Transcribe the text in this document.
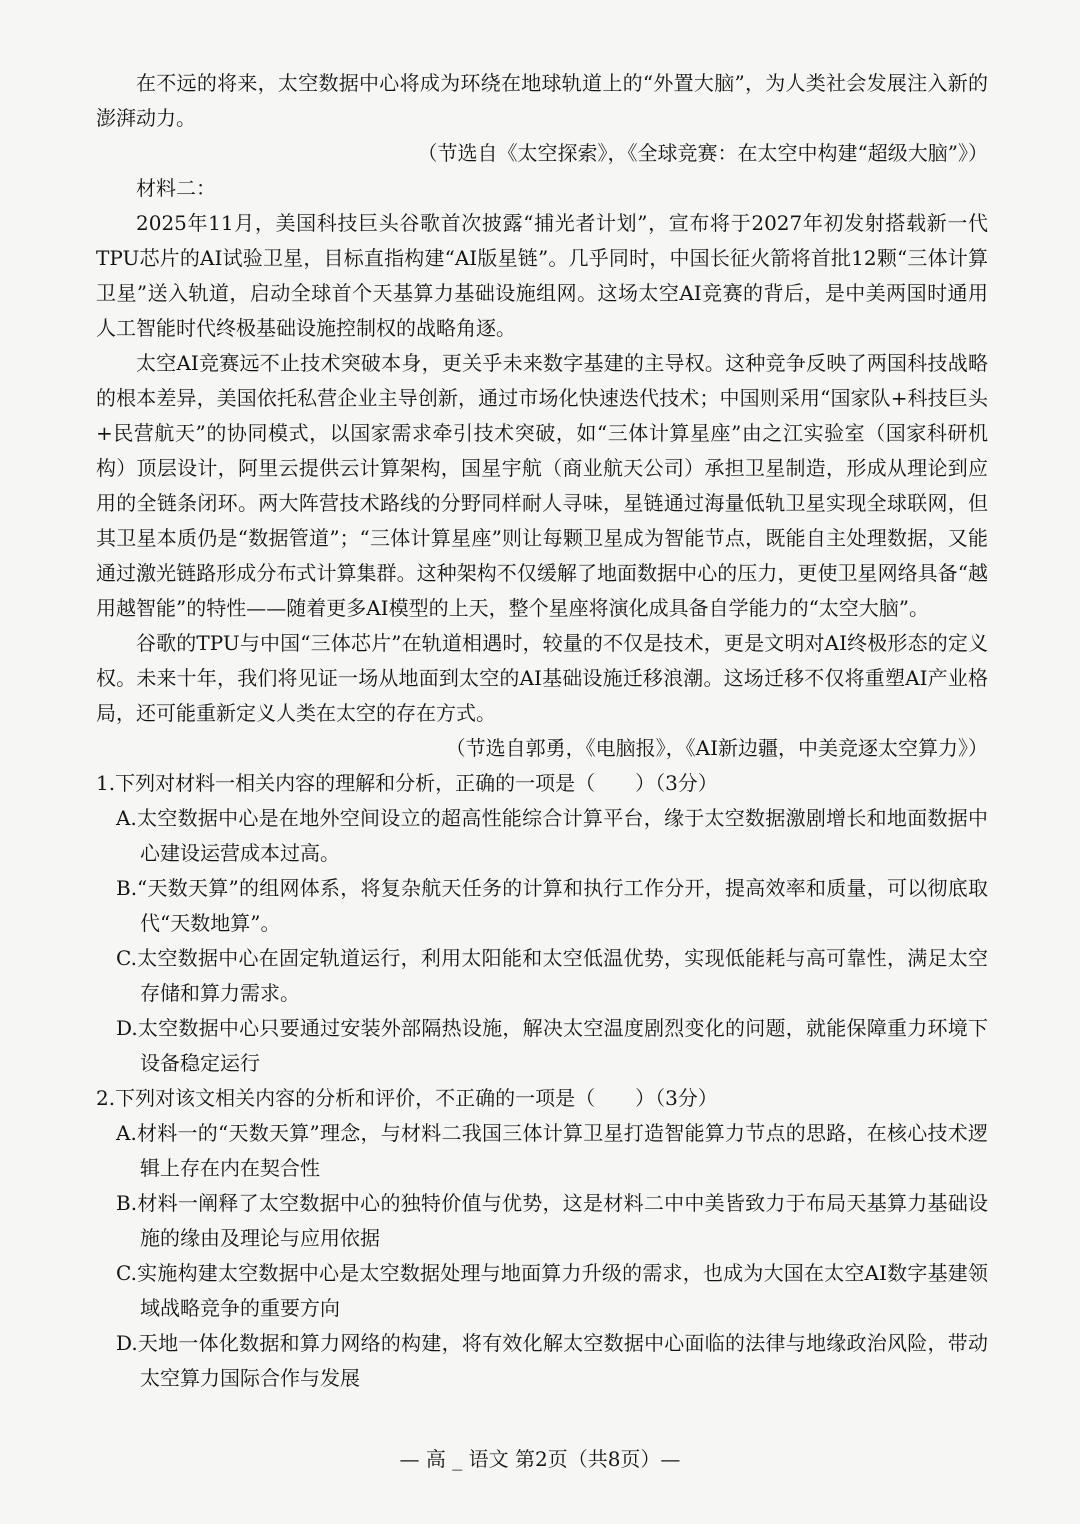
在不远的将来，太空数据中心将成为环绕在地球轨道上的“外置大脑”，为人类社会发展注入新的澎湃动力。

（节选自《太空探索》，《全球竞赛：在太空中构建“超级大脑”》）

材料二：

2025年11月，美国科技巨头谷歌首次披露“捕光者计划”，宣布将于2027年初发射搭载新一代TPU芯片的AI试验卫星，目标直指构建“AI版星链”。几乎同时，中国长征火箭将首批12颗“三体计算卫星”送入轨道，启动全球首个天基算力基础设施组网。这场太空AI竞赛的背后，是中美两国时通用人工智能时代终极基础设施控制权的战略角逐。

太空AI竞赛远不止技术突破本身，更关乎未来数字基建的主导权。这种竞争反映了两国科技战略的根本差异，美国依托私营企业主导创新，通过市场化快速迭代技术；中国则采用“国家队+科技巨头+民营航天”的协同模式，以国家需求牵引技术突破，如“三体计算星座”由之江实验室（国家科研机构）顶层设计，阿里云提供云计算架构，国星宇航（商业航天公司）承担卫星制造，形成从理论到应用的全链条闭环。两大阵营技术路线的分野同样耐人寻味，星链通过海量低轨卫星实现全球联网，但其卫星本质仍是“数据管道”；“三体计算星座”则让每颗卫星成为智能节点，既能自主处理数据，又能通过激光链路形成分布式计算集群。这种架构不仅缓解了地面数据中心的压力，更使卫星网络具备“越用越智能”的特性——随着更多AI模型的上天，整个星座将演化成具备自学能力的“太空大脑”。

谷歌的TPU与中国“三体芯片”在轨道相遇时，较量的不仅是技术，更是文明对AI终极形态的定义权。未来十年，我们将见证一场从地面到太空的AI基础设施迁移浪潮。这场迁移不仅将重塑AI产业格局，还可能重新定义人类在太空的存在方式。

（节选自郭勇，《电脑报》，《AI新边疆，中美竞逐太空算力》）

1.下列对材料一相关内容的理解和分析，正确的一项是（　　）（3分）

A.太空数据中心是在地外空间设立的超高性能综合计算平台，缘于太空数据激剧增长和地面数据中心建设运营成本过高。

B.“天数天算”的组网体系，将复杂航天任务的计算和执行工作分开，提高效率和质量，可以彻底取代“天数地算”。

C.太空数据中心在固定轨道运行，利用太阳能和太空低温优势，实现低能耗与高可靠性，满足太空存储和算力需求。

D.太空数据中心只要通过安装外部隔热设施，解决太空温度剧烈变化的问题，就能保障重力环境下设备稳定运行

2.下列对该文相关内容的分析和评价，不正确的一项是（　　）（3分）

A.材料一的“天数天算”理念，与材料二我国三体计算卫星打造智能算力节点的思路，在核心技术逻辑上存在内在契合性

B.材料一阐释了太空数据中心的独特价值与优势，这是材料二中中美皆致力于布局天基算力基础设施的缘由及理论与应用依据

C.实施构建太空数据中心是太空数据处理与地面算力升级的需求，也成为大国在太空AI数字基建领域战略竞争的重要方向

D.天地一体化数据和算力网络的构建，将有效化解太空数据中心面临的法律与地缘政治风险，带动太空算力国际合作与发展

— 高 _ 语文 第2页（共8页）—
